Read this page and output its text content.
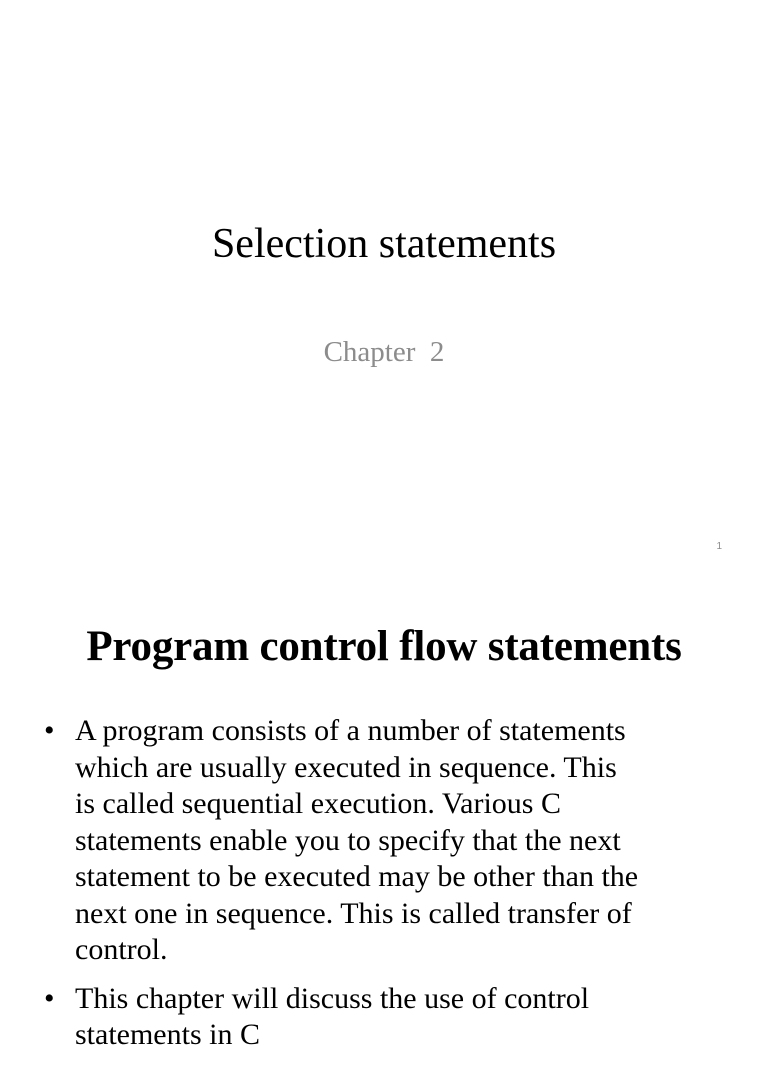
Selection statements

Chapter  2

1
Program control flow statements
• A program consists of a number of statements
which are usually executed in sequence. This
is called sequential execution. Various C
statements enable you to specify that the next
statement to be executed may be other than the
next one in sequence. This is called transfer of
control.
• This chapter will discuss the use of control
statements in C
